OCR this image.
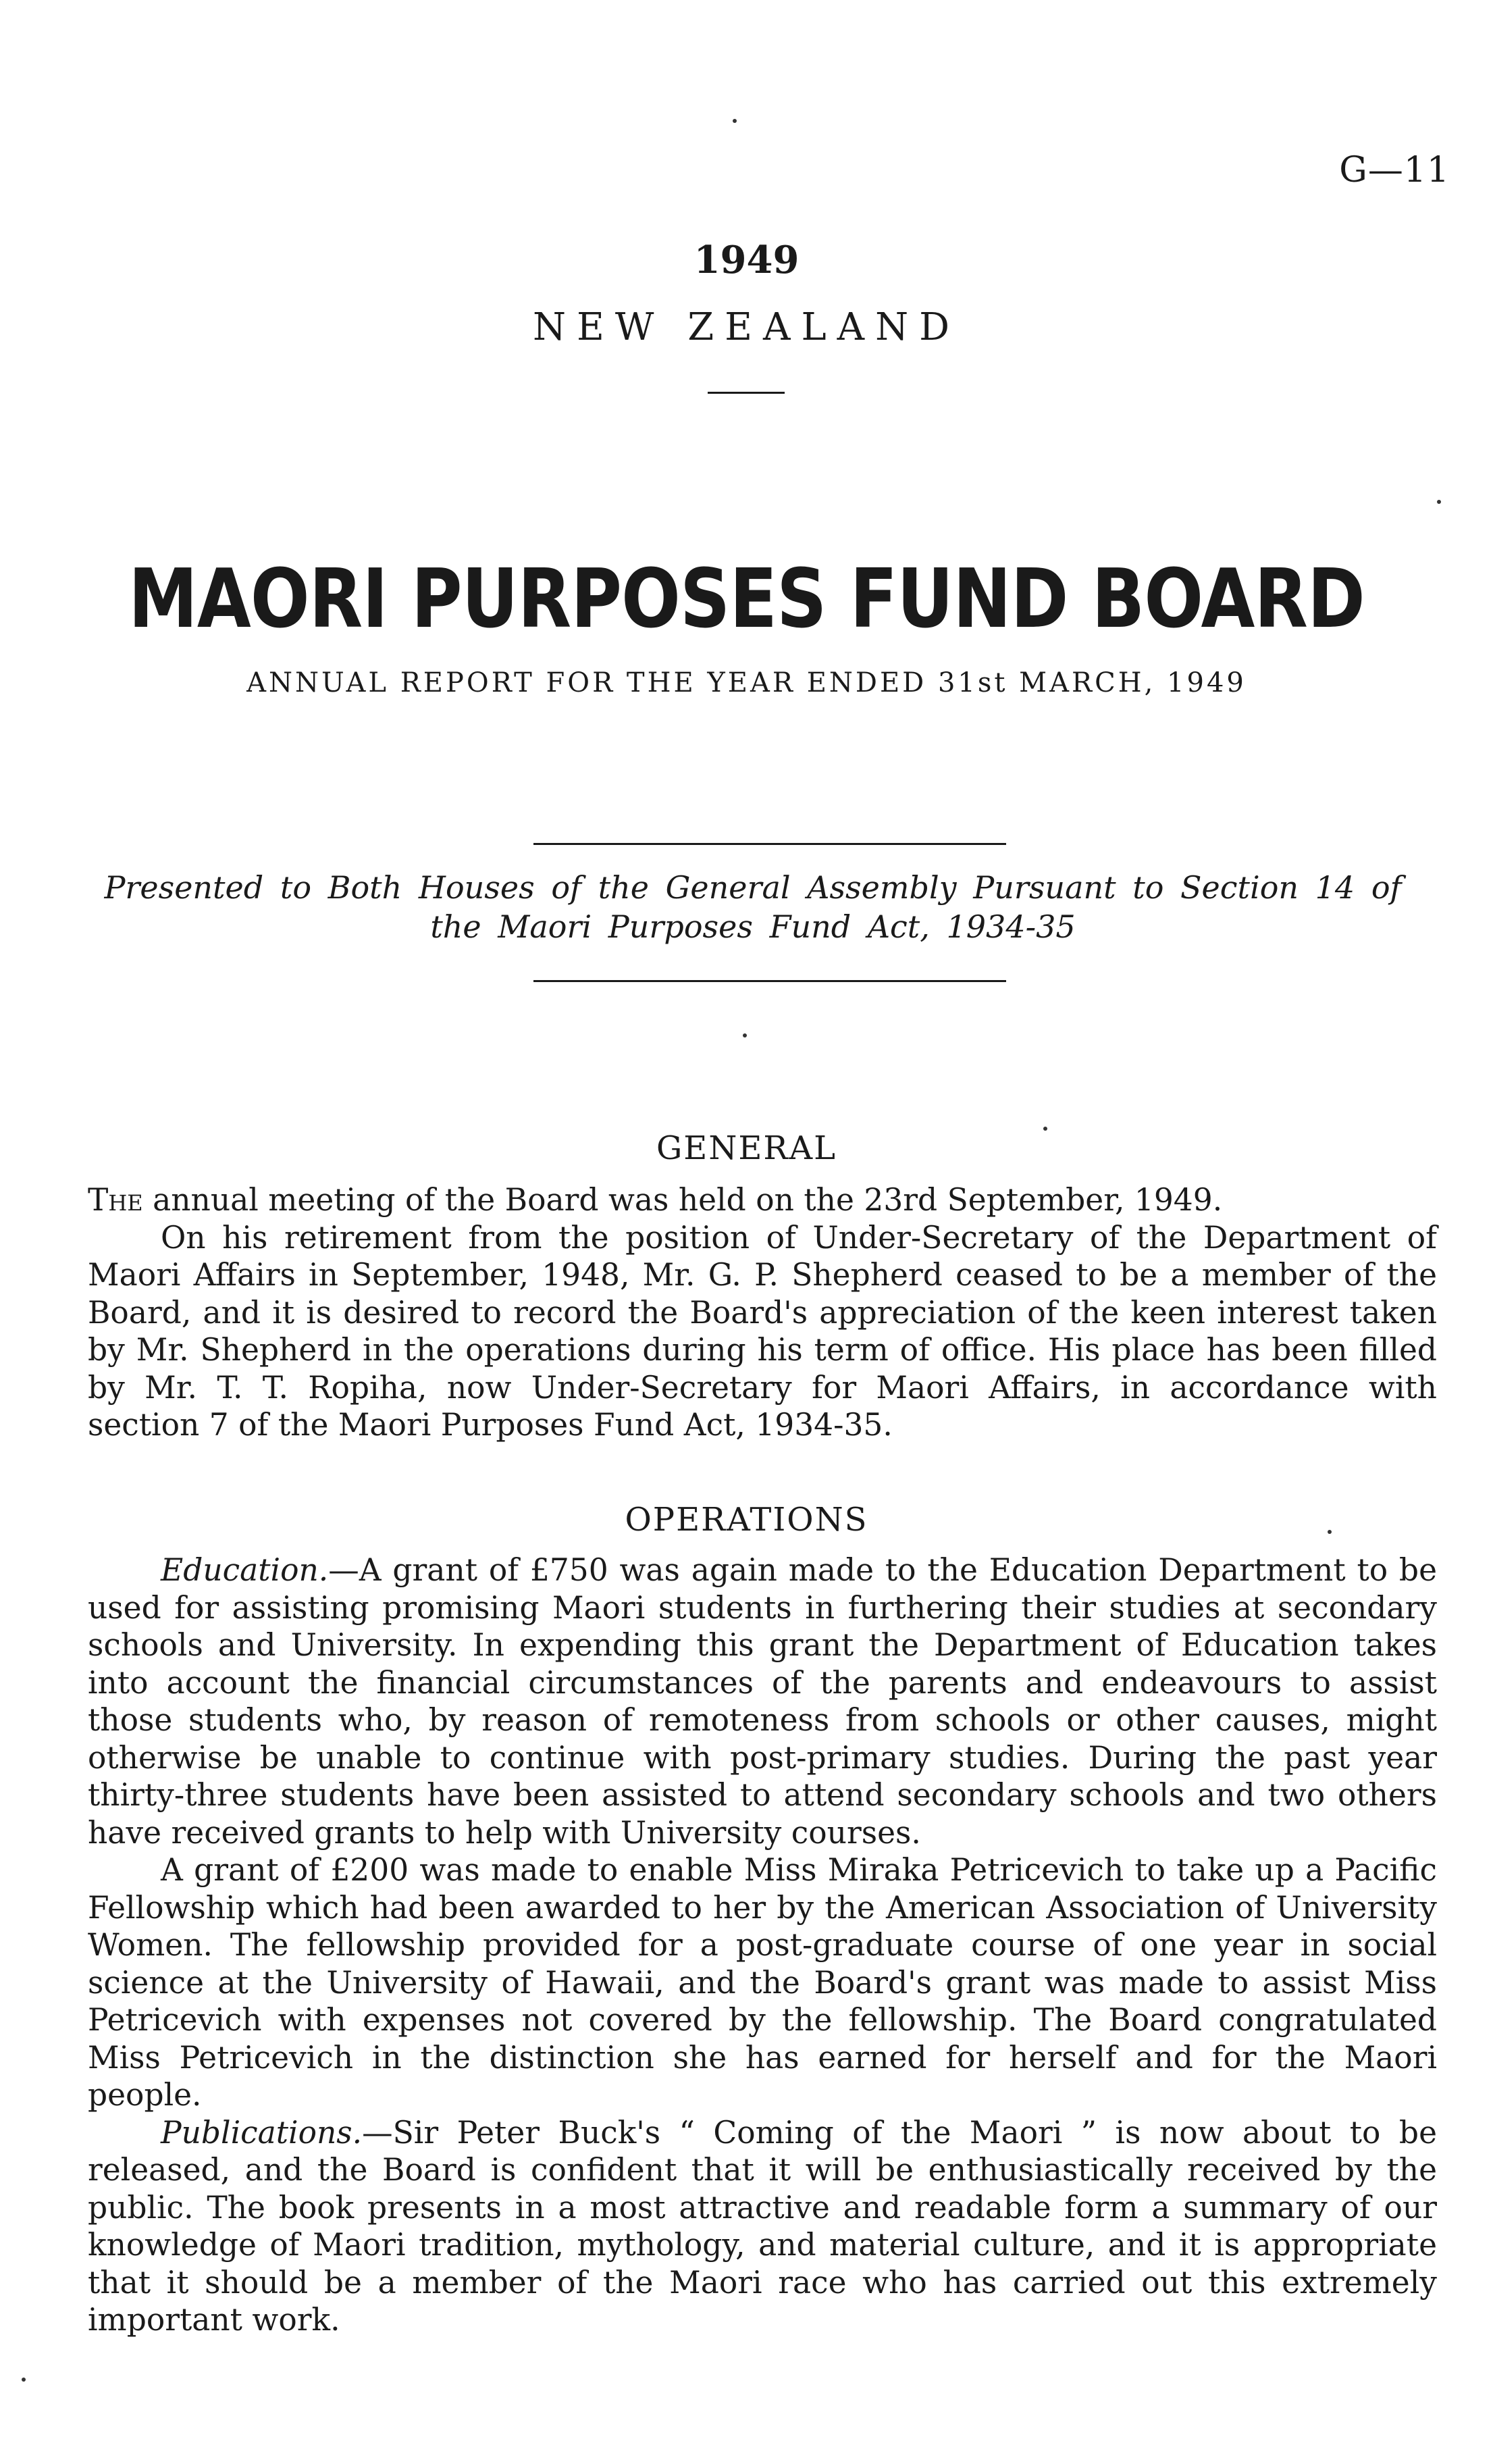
G—11
1949
NEW ZEALAND
MAORI PURPOSES FUND BOARD
ANNUAL REPORT FOR THE YEAR ENDED 31st MARCH, 1949
Presented to Both Houses of the General Assembly Pursuant to Section 14 of the Maori Purposes Fund Act, 1934-35
GENERAL

The annual meeting of the Board was held on the 23rd September, 1949.

On his retirement from the position of Under-Secretary of the Department of Maori Affairs in September, 1948, Mr. G. P. Shepherd ceased to be a member of the Board, and it is desired to record the Board's appreciation of the keen interest taken by Mr. Shepherd in the operations during his term of office. His place has been filled by Mr. T. T. Ropiha, now Under-Secretary for Maori Affairs, in accordance with section 7 of the Maori Purposes Fund Act, 1934-35.

OPERATIONS

Education.—A grant of £750 was again made to the Education Department to be used for assisting promising Maori students in furthering their studies at secondary schools and University. In expending this grant the Department of Education takes into account the financial circumstances of the parents and endeavours to assist those students who, by reason of remoteness from schools or other causes, might otherwise be unable to continue with post-primary studies. During the past year thirty-three students have been assisted to attend secondary schools and two others have received grants to help with University courses.

A grant of £200 was made to enable Miss Miraka Petricevich to take up a Pacific Fellowship which had been awarded to her by the American Association of University Women. The fellowship provided for a post-graduate course of one year in social science at the University of Hawaii, and the Board's grant was made to assist Miss Petricevich with expenses not covered by the fellowship. The Board congratulated Miss Petricevich in the distinction she has earned for herself and for the Maori people.

Publications.—Sir Peter Buck's “ Coming of the Maori ” is now about to be released, and the Board is confident that it will be enthusiastically received by the public. The book presents in a most attractive and readable form a summary of our knowledge of Maori tradition, mythology, and material culture, and it is appropriate that it should be a member of the Maori race who has carried out this extremely important work.
